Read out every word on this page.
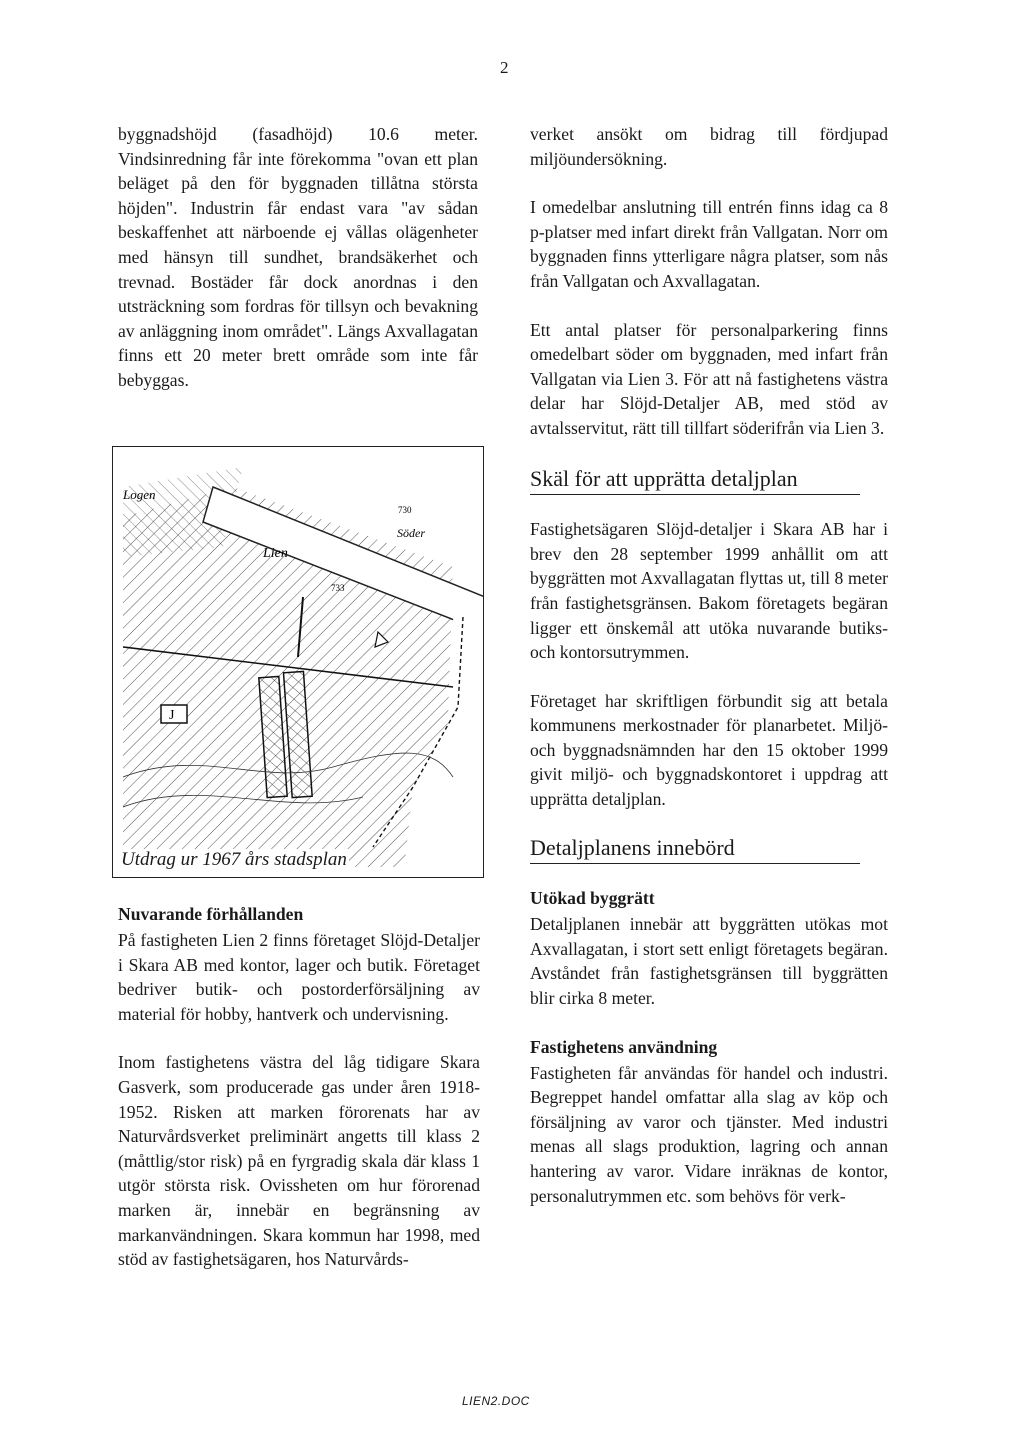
2

byggnadshöjd (fasadhöjd) 10.6 meter. Vindsinredning får inte förekomma "ovan ett plan beläget på den för byggnaden tillåtna största höjden". Industrin får endast vara "av sådan beskaffenhet att närboende ej vållas olägenheter med hänsyn till sundhet, brandsäkerhet och trevnad. Bostäder får dock anordnas i den utsträckning som fordras för tillsyn och bevakning av anläggning inom området". Längs Axvallagatan finns ett 20 meter brett område som inte får bebyggas.

J
Logen
Lien
730
Söder
733
Utdrag ur 1967 års stadsplan
Nuvarande förhållanden

På fastigheten Lien 2 finns företaget Slöjd-Detaljer i Skara AB med kontor, lager och butik. Företaget bedriver butik- och postorderförsäljning av material för hobby, hantverk och undervisning.

Inom fastighetens västra del låg tidigare Skara Gasverk, som producerade gas under åren 1918-1952. Risken att marken förorenats har av Naturvårdsverket preliminärt angetts till klass 2 (måttlig/stor risk) på en fyrgradig skala där klass 1 utgör största risk. Ovissheten om hur förorenad marken är, innebär en begränsning av markanvändningen. Skara kommun har 1998, med stöd av fastighetsägaren, hos Naturvårds-

verket ansökt om bidrag till fördjupad miljöundersökning.

I omedelbar anslutning till entrén finns idag ca 8 p-platser med infart direkt från Vallgatan. Norr om byggnaden finns ytterligare några platser, som nås från Vallgatan och Axvallagatan.

Ett antal platser för personalparkering finns omedelbart söder om byggnaden, med infart från Vallgatan via Lien 3. För att nå fastighetens västra delar har Slöjd-Detaljer AB, med stöd av avtalsservitut, rätt till tillfart söderifrån via Lien 3.

Skäl för att upprätta detaljplan

Fastighetsägaren Slöjd-detaljer i Skara AB har i brev den 28 september 1999 anhållit om att byggrätten mot Axvallagatan flyttas ut, till 8 meter från fastighetsgränsen. Bakom företagets begäran ligger ett önskemål att utöka nuvarande butiks- och kontorsutrymmen.

Företaget har skriftligen förbundit sig att betala kommunens merkostnader för planarbetet. Miljö- och byggnadsnämnden har den 15 oktober 1999 givit miljö- och byggnadskontoret i uppdrag att upprätta detaljplan.

Detaljplanens innebörd
Utökad byggrätt

Detaljplanen innebär att byggrätten utökas mot Axvallagatan, i stort sett enligt företagets begäran. Avståndet från fastighetsgränsen till byggrätten blir cirka 8 meter.

Fastighetens användning

Fastigheten får användas för handel och industri. Begreppet handel omfattar alla slag av köp och försäljning av varor och tjänster. Med industri menas all slags produktion, lagring och annan hantering av varor. Vidare inräknas de kontor, personalutrymmen etc. som behövs för verk-

LIEN2.DOC
